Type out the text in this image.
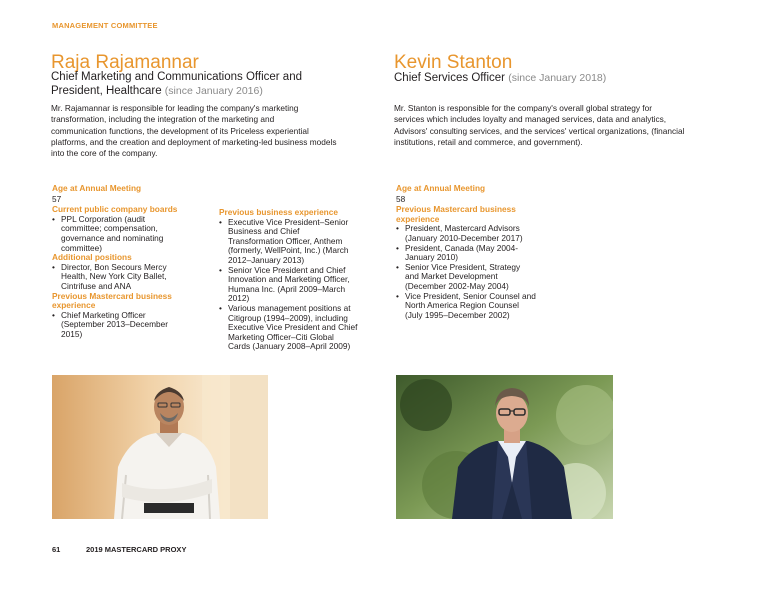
MANAGEMENT COMMITTEE
Raja Rajamannar
Chief Marketing and Communications Officer and
President, Healthcare (since January 2016)
Mr. Rajamannar is responsible for leading the company's marketing
transformation, including the integration of the marketing and
communication functions, the development of its Priceless experiential
platforms, and the creation and deployment of marketing-led business models
into the core of the company.
Age at Annual Meeting
57
Current public company boards
• PPL Corporation (audit
committee; compensation,
governance and nominating
committee)
Additional positions
• Director, Bon Secours Mercy
Health, New York City Ballet,
Cintrifuse and ANA
Previous Mastercard business
experience
• Chief Marketing Officer
(September 2013–December
2015)
Previous business experience
• Executive Vice President–Senior
Business and Chief
Transformation Officer, Anthem
(formerly, WellPoint, Inc.) (March
2012–January 2013)
• Senior Vice President and Chief
Innovation and Marketing Officer,
Humana Inc. (April 2009–March
2012)
• Various management positions at
Citigroup (1994–2009), including
Executive Vice President and Chief
Marketing Officer–Citi Global
Cards (January 2008–April 2009)
Kevin Stanton
Chief Services Officer (since January 2018)
Mr. Stanton is responsible for the company's overall global strategy for
services which includes loyalty and managed services, data and analytics,
Advisors' consulting services, and the services' vertical organizations, (financial
institutions, retail and commerce, and government).
Age at Annual Meeting
58
Previous Mastercard business
experience
• President, Mastercard Advisors
(January 2010-December 2017)
• President, Canada (May 2004-
January 2010)
• Senior Vice President, Strategy
and Market Development
(December 2002-May 2004)
• Vice President, Senior Counsel and
North America Region Counsel
(July 1995–December 2002)
61	2019 MASTERCARD PROXY
